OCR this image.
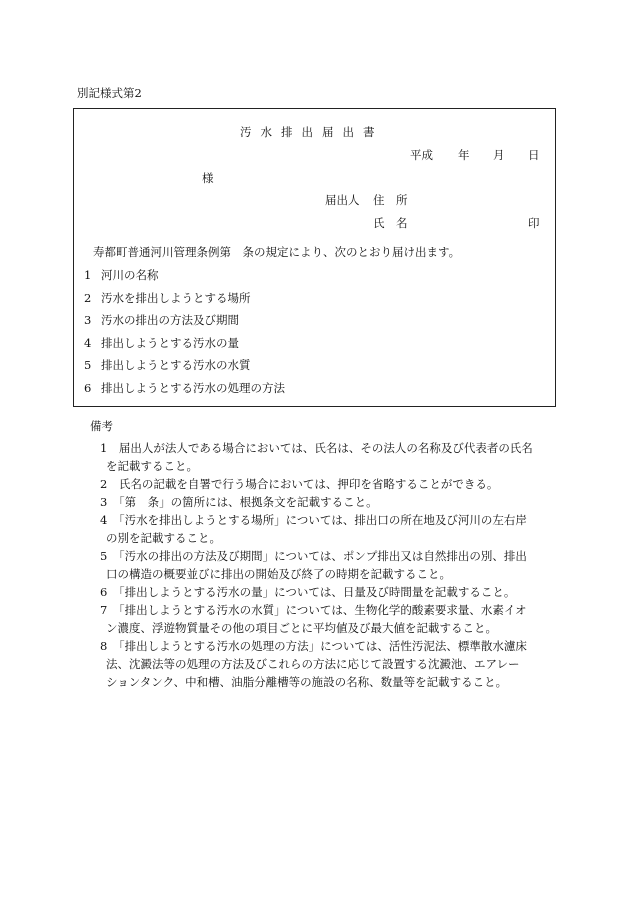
別記様式第2
汚水排出届出書
平成 年 月 日
様
届出人 住　所
氏　名	印
寿都町普通河川管理条例第　条の規定により、次のとおり届け出ます。
1 河川の名称
2 汚水を排出しようとする場所
3 汚水の排出の方法及び期間
4 排出しようとする汚水の量
5 排出しようとする汚水の水質
6 排出しようとする汚水の処理の方法
備考
1　届出人が法人である場合においては、氏名は、その法人の名称及び代表者の氏名
を記載すること。
2　氏名の記載を自署で行う場合においては、押印を省略することができる。
3　「第　条」の箇所には、根拠条文を記載すること。
4　「汚水を排出しようとする場所」については、排出口の所在地及び河川の左右岸
の別を記載すること。
5　「汚水の排出の方法及び期間」については、ポンプ排出又は自然排出の別、排出
口の構造の概要並びに排出の開始及び終了の時期を記載すること。
6　「排出しようとする汚水の量」については、日量及び時間量を記載すること。
7　「排出しようとする汚水の水質」については、生物化学的酸素要求量、水素イオ
ン濃度、浮遊物質量その他の項目ごとに平均値及び最大値を記載すること。
8　「排出しようとする汚水の処理の方法」については、活性汚泥法、標準散水濾床
法、沈澱法等の処理の方法及びこれらの方法に応じて設置する沈澱池、エアレー
ションタンク、中和槽、油脂分離槽等の施設の名称、数量等を記載すること。
